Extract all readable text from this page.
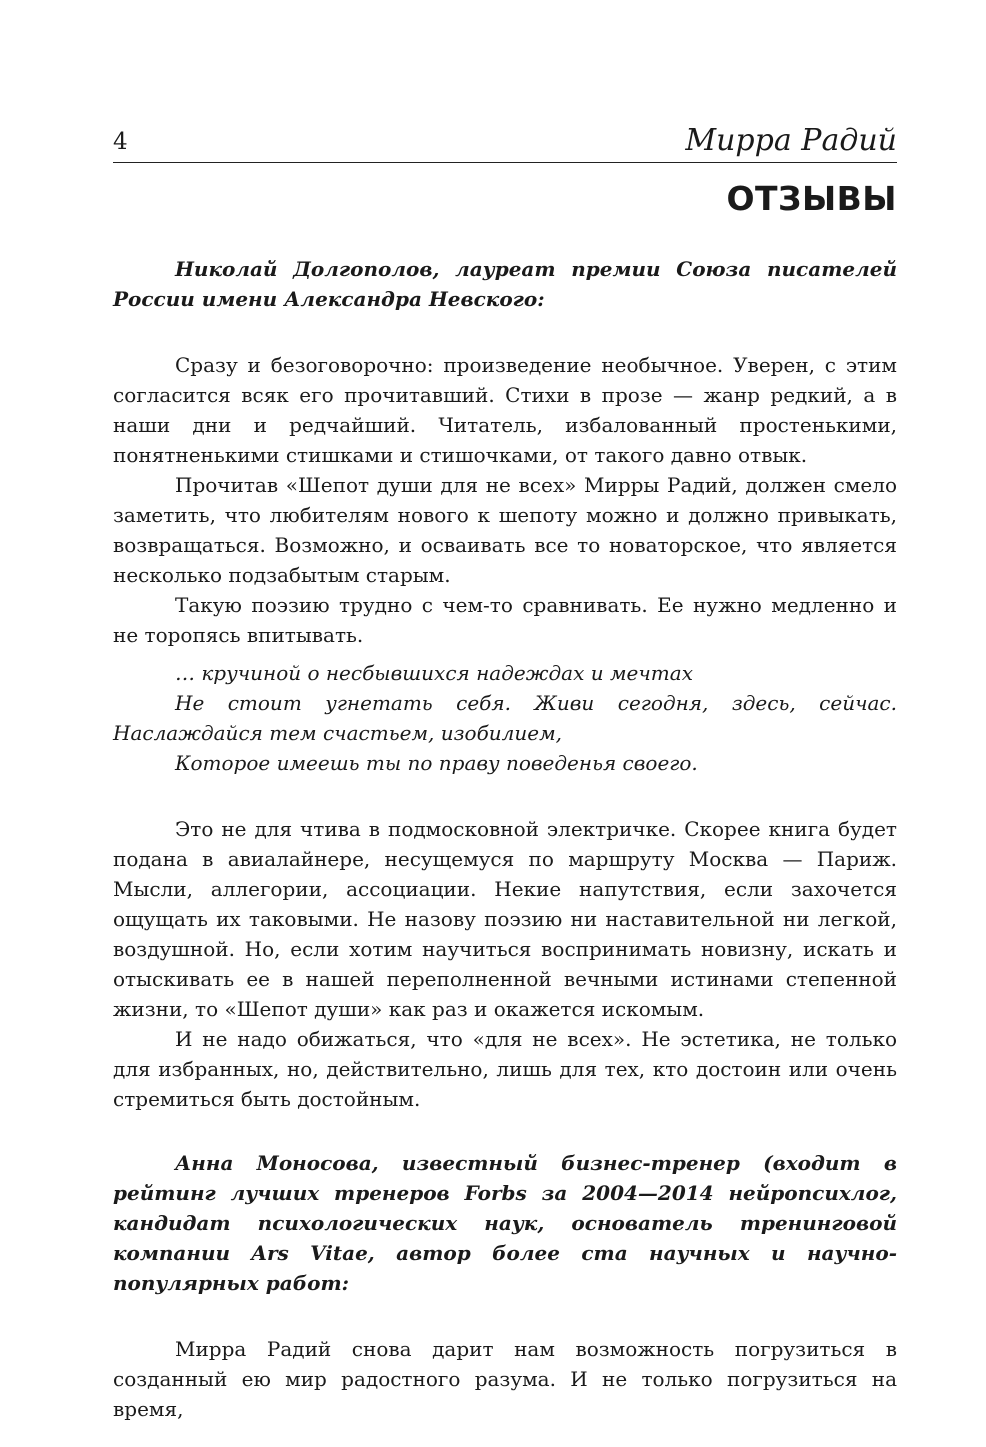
4	Мирра Радий
ОТЗЫВЫ
Николай Долгополов, лауреат премии Союза писателей России имени Александра Невского:

Сразу и безоговорочно: произведение необычное. Уверен, с этим согласится всяк его прочитавший. Стихи в прозе — жанр редкий, а в наши дни и редчайший. Читатель, избалованный простенькими, понятненькими стишками и стишочками, от такого давно отвык.

Прочитав «Шепот души для не всех» Мирры Радий, должен смело заметить, что любителям нового к шепоту можно и должно привыкать, возвращаться. Возможно, и осваивать все то новаторское, что является несколько подзабытым старым.

Такую поэзию трудно с чем-то сравнивать. Ее нужно медленно и не торопясь впитывать.

… кручиной о несбывшихся надеждах и мечтах

Не стоит угнетать себя. Живи сегодня, здесь, сейчас. Наслаждайся тем счастьем, изобилием,

Которое имеешь ты по праву поведенья своего.

Это не для чтива в подмосковной электричке. Скорее книга будет подана в авиалайнере, несущемуся по маршруту Москва — Париж. Мысли, аллегории, ассоциации. Некие напутствия, если захочется ощущать их таковыми. Не назову поэзию ни наставительной ни легкой, воздушной. Но, если хотим научиться воспринимать новизну, искать и отыскивать ее в нашей переполненной вечными истинами степенной жизни, то «Шепот души» как раз и окажется искомым.

И не надо обижаться, что «для не всех». Не эстетика, не только для избранных, но, действительно, лишь для тех, кто достоин или очень стремиться быть достойным.

Анна Моносова, известный бизнес-тренер (входит в рейтинг лучших тренеров Forbs за 2004—2014 нейропсихлог, кандидат психологических наук, основатель тренинговой компании Ars Vitae, автор более ста научных и научно-популярных работ:

Мирра Радий снова дарит нам возможность погрузиться в созданный ею мир радостного разума. И не только погрузиться на время,
